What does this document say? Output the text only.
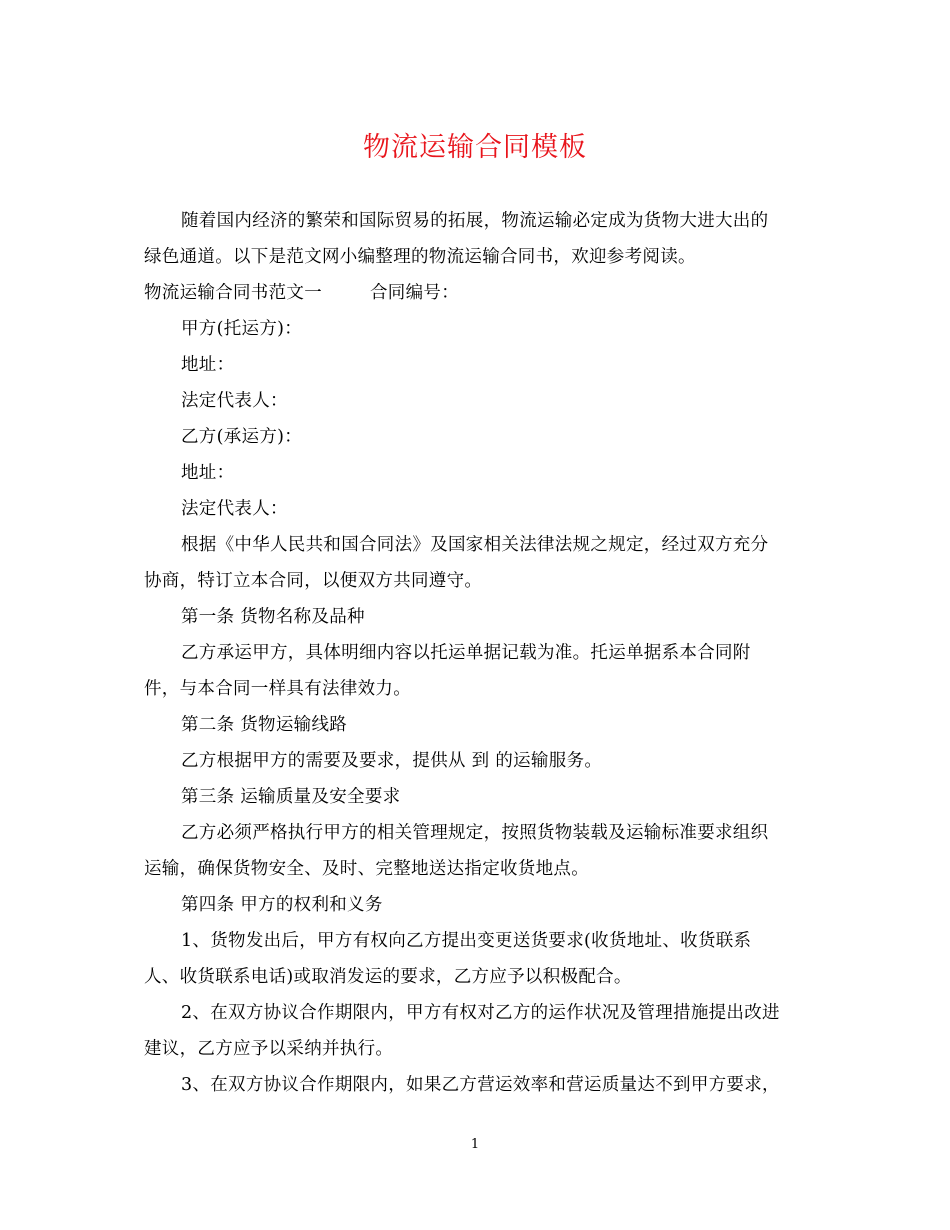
物流运输合同模板

随着国内经济的繁荣和国际贸易的拓展，物流运输必定成为货物大进大出的

绿色通道。以下是范文网小编整理的物流运输合同书，欢迎参考阅读。

物流运输合同书范文一	合同编号：

甲方(托运方)：

地址：

法定代表人：

乙方(承运方)：

地址：

法定代表人：

根据《中华人民共和国合同法》及国家相关法律法规之规定，经过双方充分

协商，特订立本合同，以便双方共同遵守。

第一条 货物名称及品种

乙方承运甲方，具体明细内容以托运单据记载为准。托运单据系本合同附

件，与本合同一样具有法律效力。

第二条 货物运输线路

乙方根据甲方的需要及要求，提供从 到 的运输服务。

第三条 运输质量及安全要求

乙方必须严格执行甲方的相关管理规定，按照货物装载及运输标准要求组织

运输，确保货物安全、及时、完整地送达指定收货地点。

第四条 甲方的权利和义务

1、货物发出后，甲方有权向乙方提出变更送货要求(收货地址、收货联系

人、收货联系电话)或取消发运的要求，乙方应予以积极配合。

2、在双方协议合作期限内，甲方有权对乙方的运作状况及管理措施提出改进

建议，乙方应予以采纳并执行。

3、在双方协议合作期限内，如果乙方营运效率和营运质量达不到甲方要求，

1
